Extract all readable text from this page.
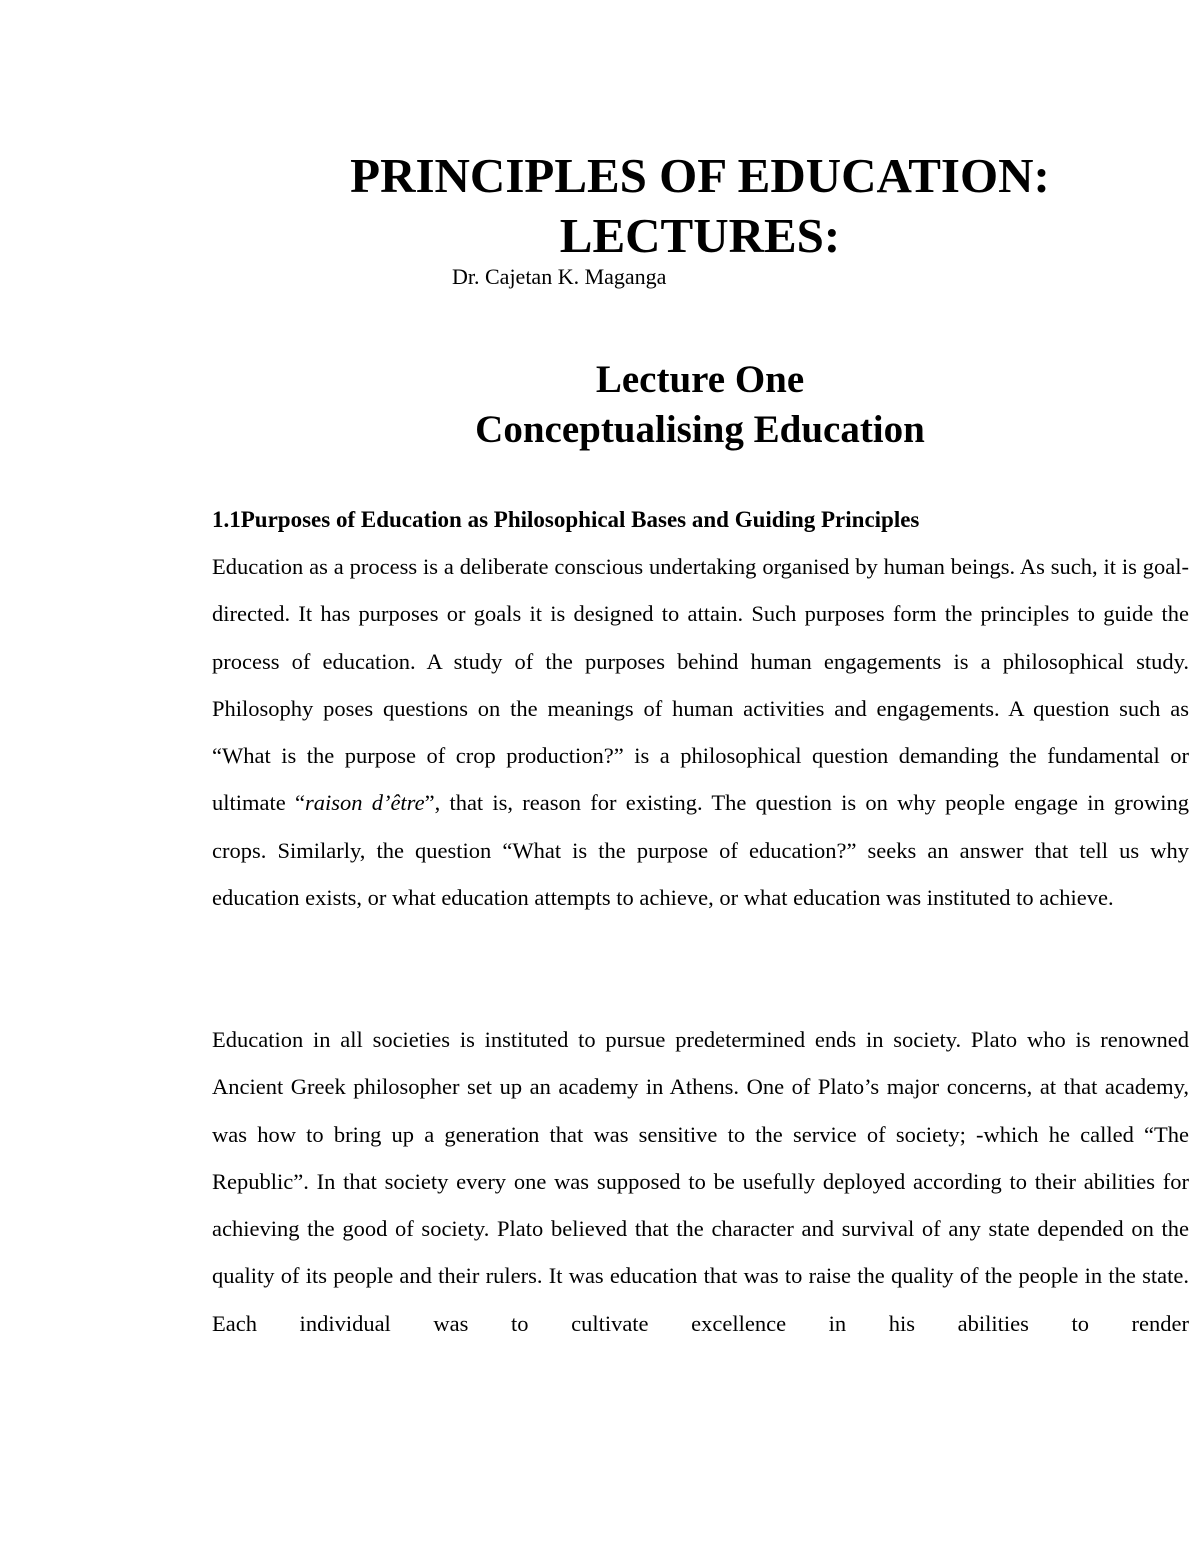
PRINCIPLES OF EDUCATION:
LECTURES:

Dr. Cajetan K. Maganga

Lecture One
Conceptualising Education
1.1Purposes of Education as Philosophical Bases and Guiding Principles

Education as a process is a deliberate conscious undertaking organised by human beings. As such, it is goal-directed. It has purposes or goals it is designed to attain. Such purposes form the principles to guide the process of education. A study of the purposes behind human engagements is a philosophical study. Philosophy poses questions on the meanings of human activities and engagements. A question such as “What is the purpose of crop production?” is a philosophical question demanding the fundamental or ultimate “raison d’être”, that is, reason for existing. The question is on why people engage in growing crops. Similarly, the question “What is the purpose of education?” seeks an answer that tell us why education exists, or what education attempts to achieve, or what education was instituted to achieve.

Education in all societies is instituted to pursue predetermined ends in society. Plato who is renowned Ancient Greek philosopher set up an academy in Athens. One of Plato’s major concerns, at that academy, was how to bring up a generation that was sensitive to the service of society; -which he called “The Republic”. In that society every one was supposed to be usefully deployed according to their abilities for achieving the good of society. Plato believed that the character and survival of any state depended on the quality of its people and their rulers. It was education that was to raise the quality of the people in the state. Each individual was to cultivate excellence in his abilities to render
